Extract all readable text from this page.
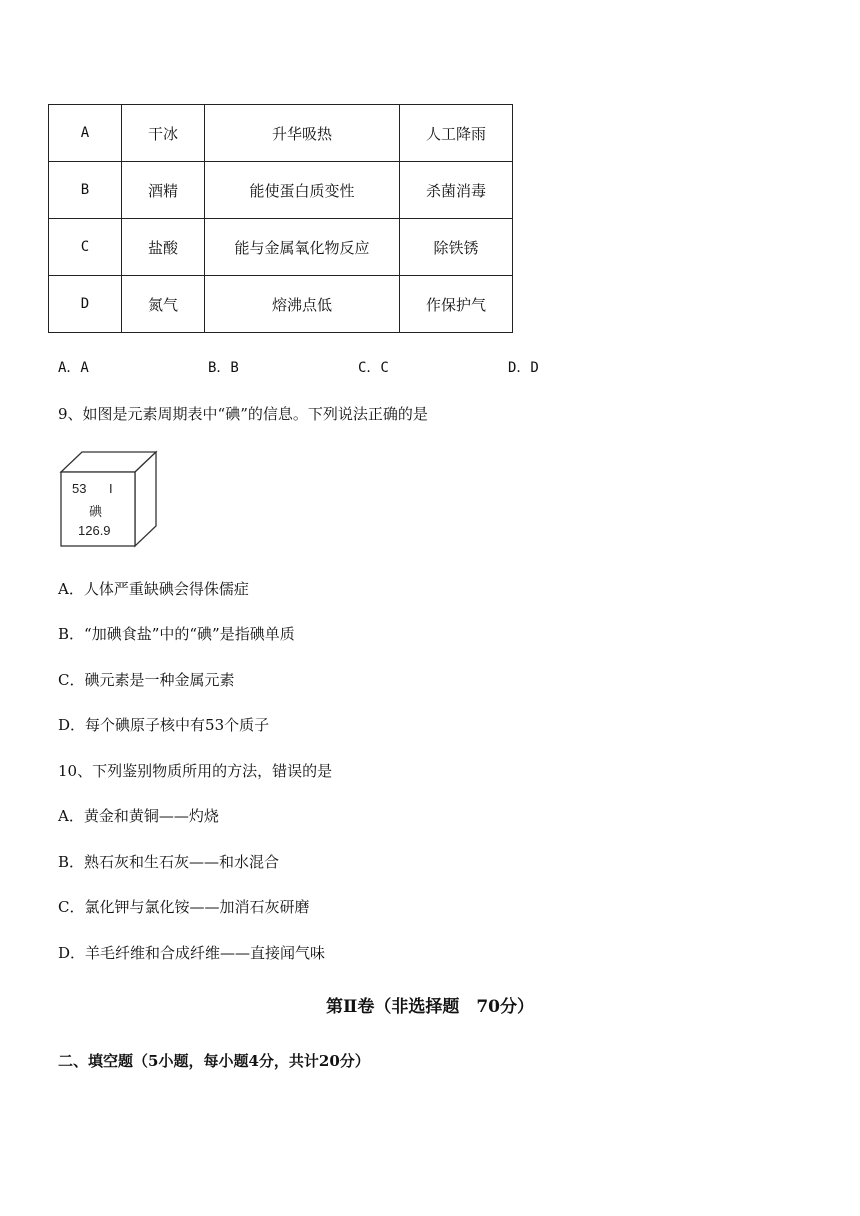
A	干冰	升华吸热	人工降雨
B	酒精	能使蛋白质变性	杀菌消毒
C	盐酸	能与金属氧化物反应	除铁锈
D	氮气	熔沸点低	作保护气
A．A	B．B	C．C	D．D
9、如图是元素周期表中“碘”的信息。下列说法正确的是
53 I
碘
126.9
A．人体严重缺碘会得侏儒症
B．“加碘食盐”中的“碘”是指碘单质
C．碘元素是一种金属元素
D．每个碘原子核中有53个质子
10、下列鉴别物质所用的方法，错误的是
A．黄金和黄铜——灼烧
B．熟石灰和生石灰——和水混合
C．氯化钾与氯化铵——加消石灰研磨
D．羊毛纤维和合成纤维——直接闻气味
第Ⅱ卷（非选择题　70分）
二、填空题（5小题，每小题4分，共计20分）
